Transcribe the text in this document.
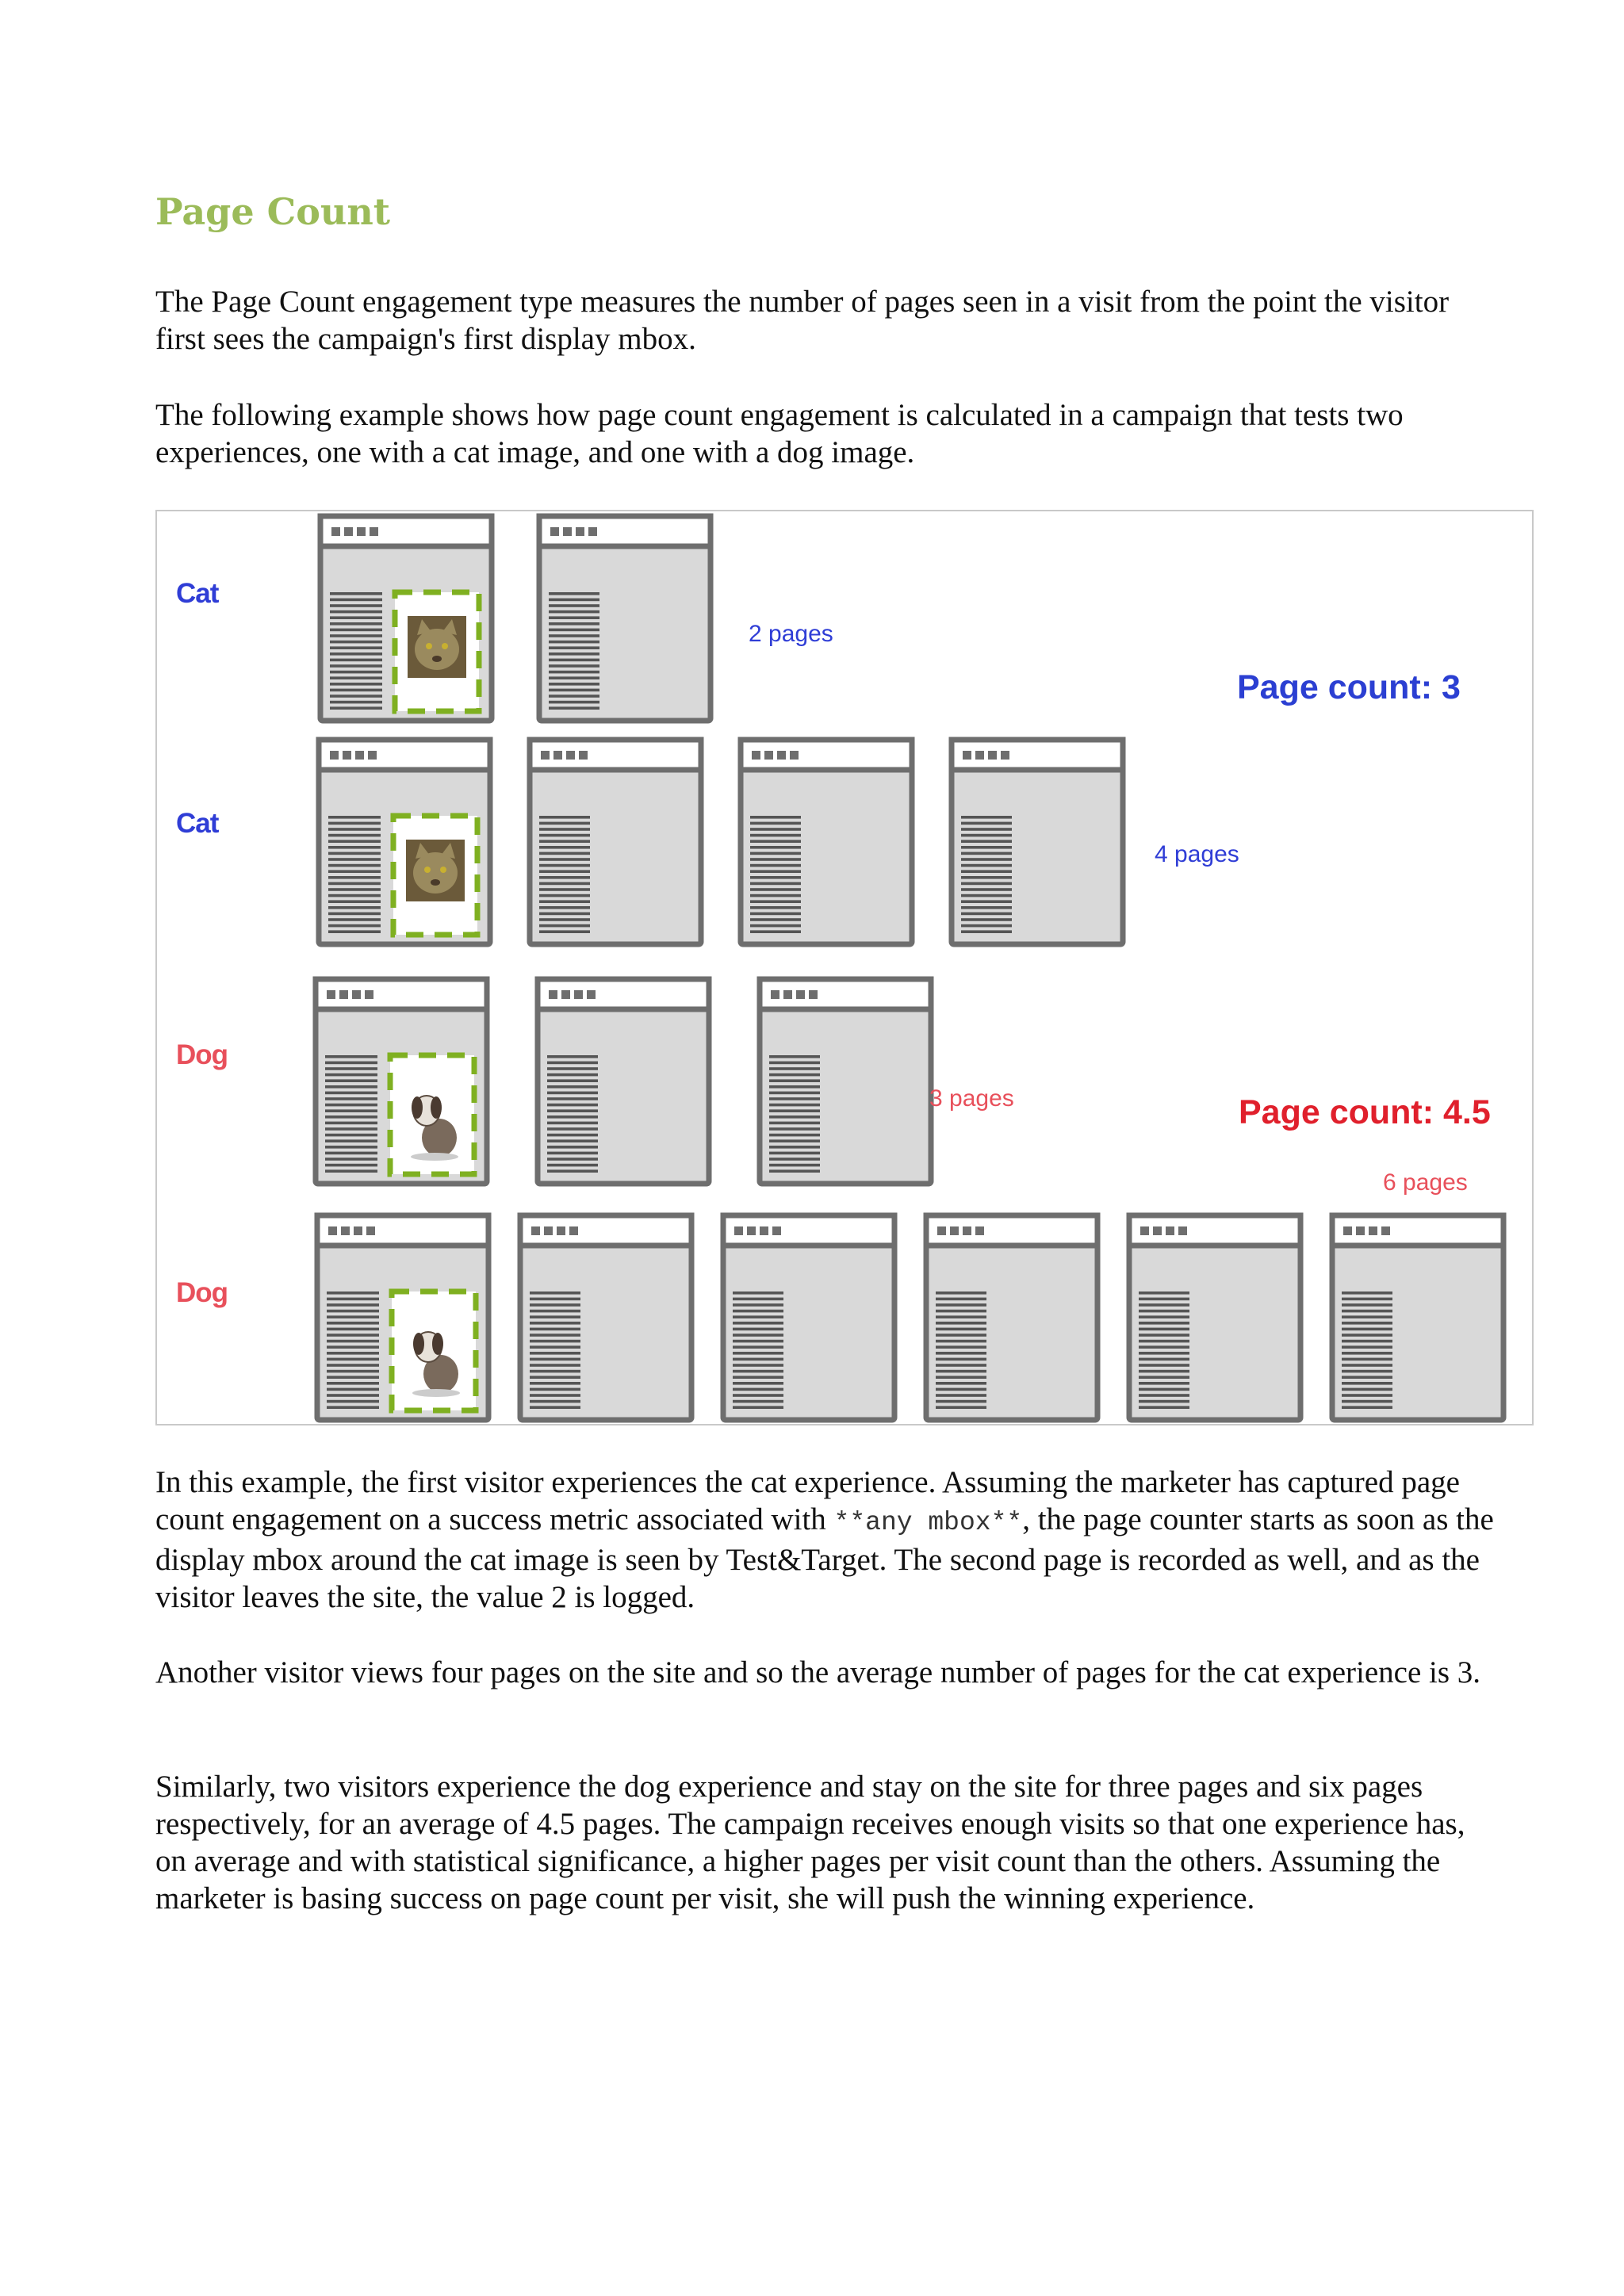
Page Count

The Page Count engagement type measures the number of pages seen in a visit from the point the visitor first sees the campaign's first display mbox.

The following example shows how page count engagement is calculated in a campaign that tests two experiences, one with a cat image, and one with a dog image.

Cat
Cat
Dog
Dog
2 pages
4 pages
3 pages
6 pages
Page count: 3
Page count: 4.5

In this example, the first visitor experiences the cat experience. Assuming the marketer has captured page count engagement on a success metric associated with **any mbox**, the page counter starts as soon as the display mbox around the cat image is seen by Test&Target. The second page is recorded as well, and as the visitor leaves the site, the value 2 is logged.

Another visitor views four pages on the site and so the average number of pages for the cat experience is 3.

Similarly, two visitors experience the dog experience and stay on the site for three pages and six pages respectively, for an average of 4.5 pages. The campaign receives enough visits so that one experience has, on average and with statistical significance, a higher pages per visit count than the others. Assuming the marketer is basing success on page count per visit, she will push the winning experience.
